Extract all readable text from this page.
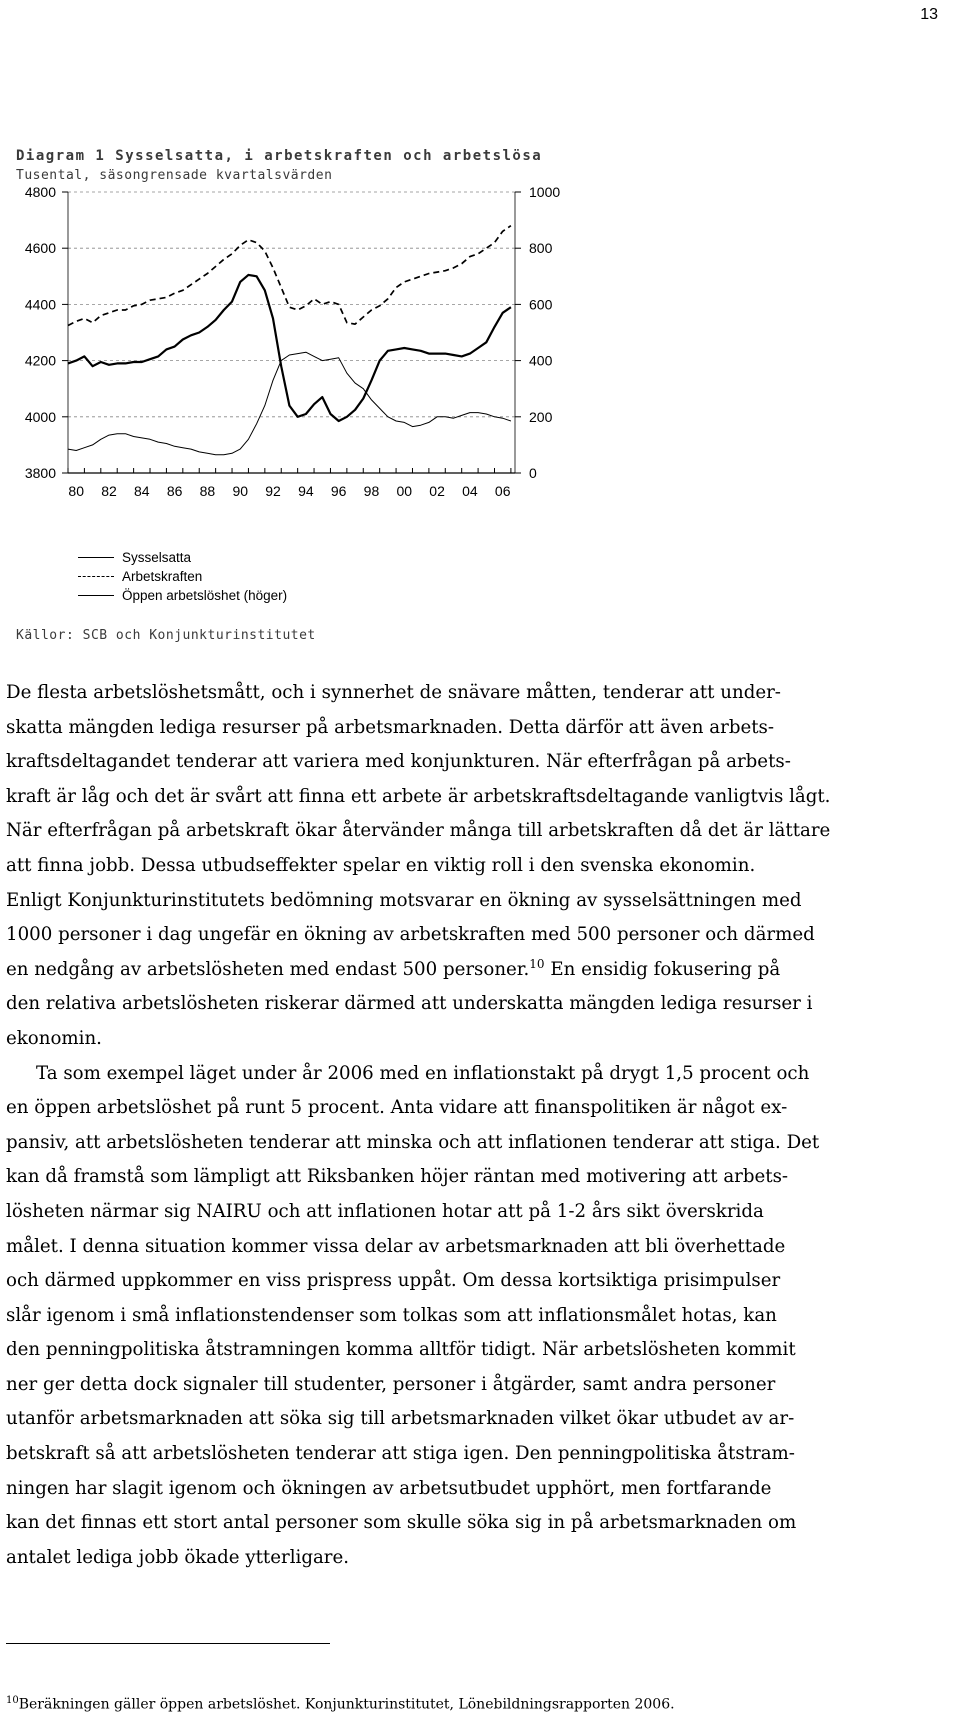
13
Diagram 1 Sysselsatta, i arbetskraften och arbetslösa
Tusental, säsongrensade kvartalsvärden
3800
4000
4200
4400
4600
4800
0
200
400
600
800
1000
80 82 84 86 88 90 92 94 96 98 00 02 04 06
Sysselsatta
Arbetskraften
Öppen arbetslöshet (höger)
Källor: SCB och Konjunkturinstitutet

De flesta arbetslöshetsmått, och i synnerhet de snävare måtten, tenderar att under-
skatta mängden lediga resurser på arbetsmarknaden. Detta därför att även arbets-
kraftsdeltagandet tenderar att variera med konjunkturen. När efterfrågan på arbets-
kraft är låg och det är svårt att finna ett arbete är arbetskraftsdeltagande vanligtvis lågt.
När efterfrågan på arbetskraft ökar återvänder många till arbetskraften då det är lättare
att finna jobb. Dessa utbudseffekter spelar en viktig roll i den svenska ekonomin.
Enligt Konjunkturinstitutets bedömning motsvarar en ökning av sysselsättningen med
1000 personer i dag ungefär en ökning av arbetskraften med 500 personer och därmed
en nedgång av arbetslösheten med endast 500 personer.$^{10}$ En ensidig fokusering på
den relativa arbetslösheten riskerar därmed att underskatta mängden lediga resurser i
ekonomin.

Ta som exempel läget under år 2006 med en inflationstakt på drygt 1,5 procent och
en öppen arbetslöshet på runt 5 procent. Anta vidare att finanspolitiken är något ex-
pansiv, att arbetslösheten tenderar att minska och att inflationen tenderar att stiga. Det
kan då framstå som lämpligt att Riksbanken höjer räntan med motivering att arbets-
lösheten närmar sig NAIRU och att inflationen hotar att på 1-2 års sikt överskrida
målet. I denna situation kommer vissa delar av arbetsmarknaden att bli överhettade
och därmed uppkommer en viss prispress uppåt. Om dessa kortsiktiga prisimpulser
slår igenom i små inflationstendenser som tolkas som att inflationsmålet hotas, kan
den penningpolitiska åtstramningen komma alltför tidigt. När arbetslösheten kommit
ner ger detta dock signaler till studenter, personer i åtgärder, samt andra personer
utanför arbetsmarknaden att söka sig till arbetsmarknaden vilket ökar utbudet av ar-
betskraft så att arbetslösheten tenderar att stiga igen. Den penningpolitiska åtstram-
ningen har slagit igenom och ökningen av arbetsutbudet upphört, men fortfarande
kan det finnas ett stort antal personer som skulle söka sig in på arbetsmarknaden om
antalet lediga jobb ökade ytterligare.

$^{10}$Beräkningen gäller öppen arbetslöshet. Konjunkturinstitutet, Lönebildningsrapporten 2006.
